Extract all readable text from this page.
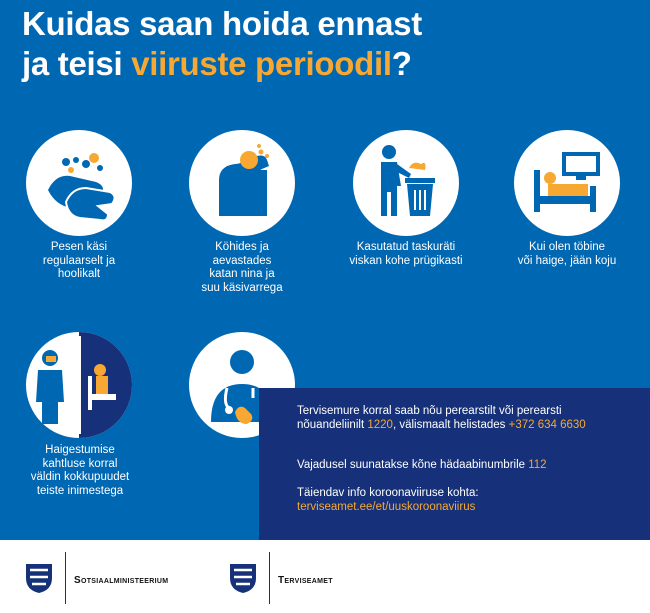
Kuidas saan hoida ennast
ja teisi viiruste perioodil?
Pesen käsi
regulaarselt ja
hoolikalt
Köhides ja
aevastades
katan nina ja
suu käsivarrega
Kasutatud taskuräti
viskan kohe prügikasti
Kui olen töbine
või haige, jään koju
Haigestumise
kahtluse korral
väldin kokkupuudet
teiste inimestega

Tervisemure korral saab nõu perearstilt või perearsti
nõuandeliinilt 1220, välismaalt helistades +372 634 6630

Vajadusel suunatakse kõne hädaabinumbrile 112

Täiendav info koroonaviiruse kohta:
terviseamet.ee/et/uuskoroonaviirus

Sotsiaalministeerium	Terviseamet
